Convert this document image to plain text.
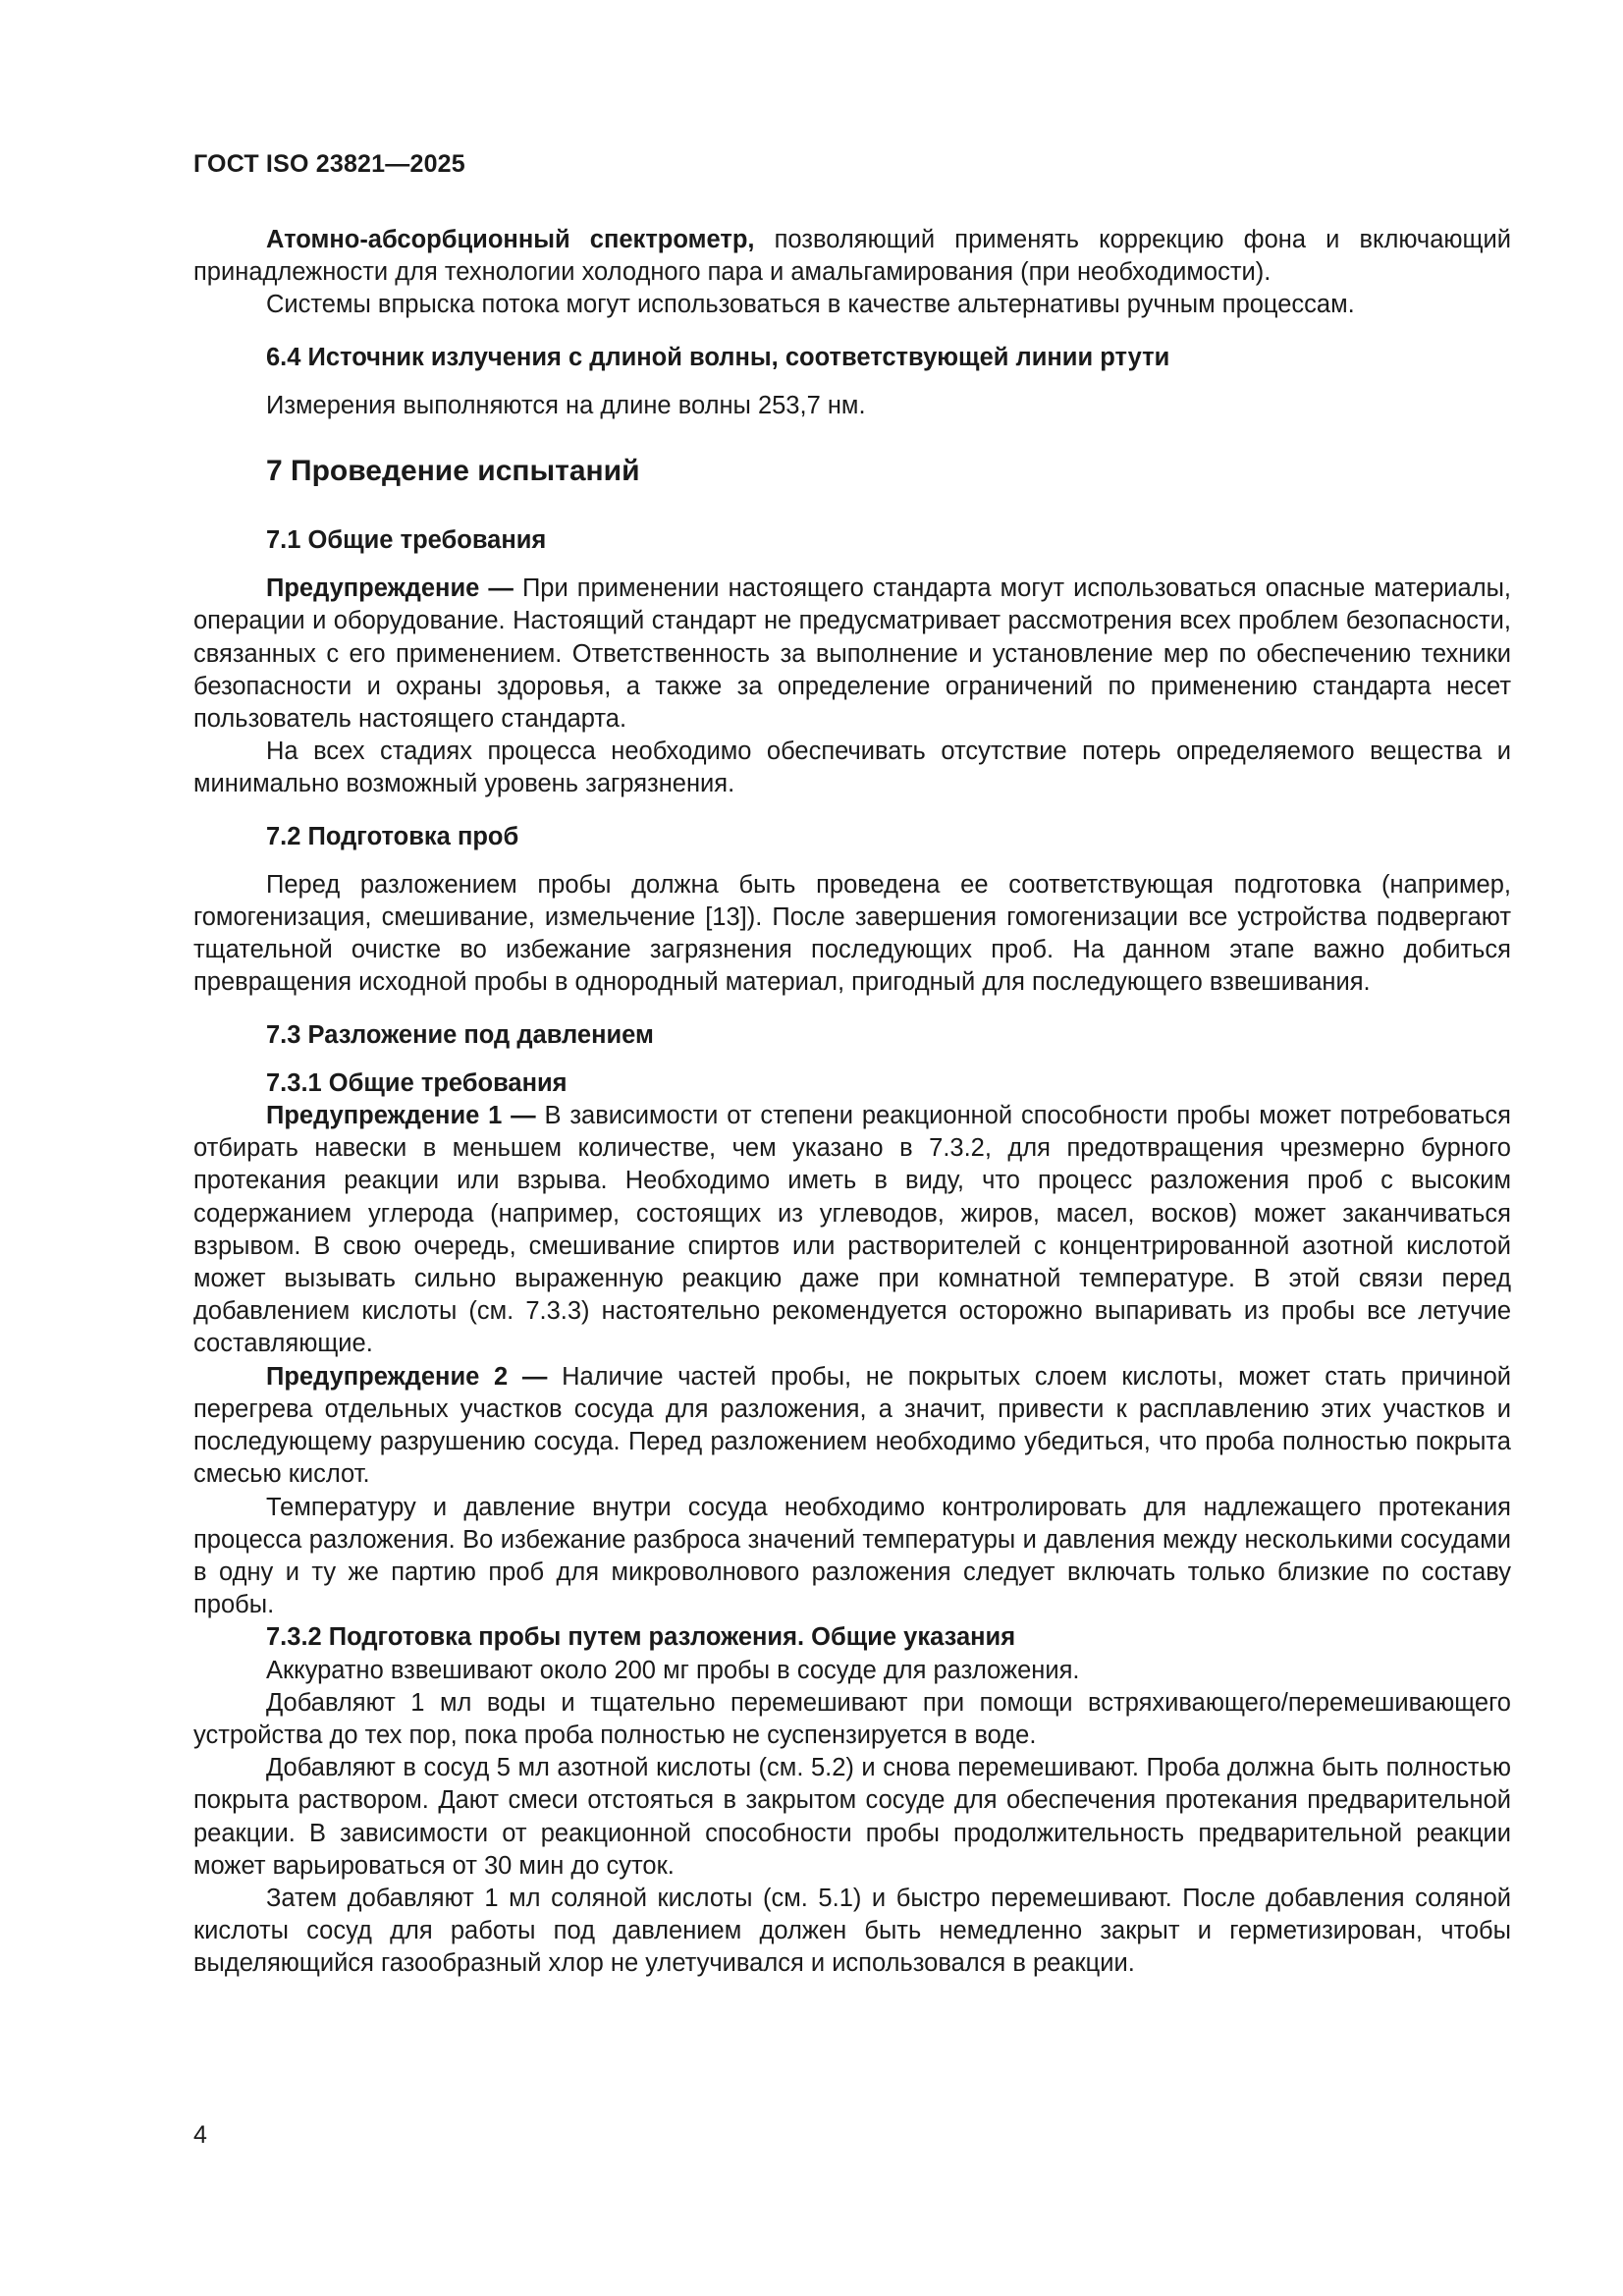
ГОСТ ISO 23821—2025

Атомно-абсорбционный спектрометр, позволяющий применять коррекцию фона и включающий принадлежности для технологии холодного пара и амальгамирования (при необходимости).

Системы впрыска потока могут использоваться в качестве альтернативы ручным процессам.

6.4 Источник излучения с длиной волны, соответствующей линии ртути

Измерения выполняются на длине волны 253,7 нм.

7 Проведение испытаний
7.1 Общие требования

Предупреждение — При применении настоящего стандарта могут использоваться опасные материалы, операции и оборудование. Настоящий стандарт не предусматривает рассмотрения всех проблем безопасности, связанных с его применением. Ответственность за выполнение и установление мер по обеспечению техники безопасности и охраны здоровья, а также за определение ограничений по применению стандарта несет пользователь настоящего стандарта.

На всех стадиях процесса необходимо обеспечивать отсутствие потерь определяемого вещества и минимально возможный уровень загрязнения.

7.2 Подготовка проб

Перед разложением пробы должна быть проведена ее соответствующая подготовка (например, гомогенизация, смешивание, измельчение [13]). После завершения гомогенизации все устройства подвергают тщательной очистке во избежание загрязнения последующих проб. На данном этапе важно добиться превращения исходной пробы в однородный материал, пригодный для последующего взвешивания.

7.3 Разложение под давлением
7.3.1 Общие требования

Предупреждение 1 — В зависимости от степени реакционной способности пробы может потребоваться отбирать навески в меньшем количестве, чем указано в 7.3.2, для предотвращения чрезмерно бурного протекания реакции или взрыва. Необходимо иметь в виду, что процесс разложения проб с высоким содержанием углерода (например, состоящих из углеводов, жиров, масел, восков) может заканчиваться взрывом. В свою очередь, смешивание спиртов или растворителей с концентрированной азотной кислотой может вызывать сильно выраженную реакцию даже при комнатной температуре. В этой связи перед добавлением кислоты (см. 7.3.3) настоятельно рекомендуется осторожно выпаривать из пробы все летучие составляющие.

Предупреждение 2 — Наличие частей пробы, не покрытых слоем кислоты, может стать причиной перегрева отдельных участков сосуда для разложения, а значит, привести к расплавлению этих участков и последующему разрушению сосуда. Перед разложением необходимо убедиться, что проба полностью покрыта смесью кислот.

Температуру и давление внутри сосуда необходимо контролировать для надлежащего протекания процесса разложения. Во избежание разброса значений температуры и давления между несколькими сосудами в одну и ту же партию проб для микроволнового разложения следует включать только близкие по составу пробы.

7.3.2 Подготовка пробы путем разложения. Общие указания

Аккуратно взвешивают около 200 мг пробы в сосуде для разложения.

Добавляют 1 мл воды и тщательно перемешивают при помощи встряхивающего/перемешивающего устройства до тех пор, пока проба полностью не суспензируется в воде.

Добавляют в сосуд 5 мл азотной кислоты (см. 5.2) и снова перемешивают. Проба должна быть полностью покрыта раствором. Дают смеси отстояться в закрытом сосуде для обеспечения протекания предварительной реакции. В зависимости от реакционной способности пробы продолжительность предварительной реакции может варьироваться от 30 мин до суток.

Затем добавляют 1 мл соляной кислоты (см. 5.1) и быстро перемешивают. После добавления соляной кислоты сосуд для работы под давлением должен быть немедленно закрыт и герметизирован, чтобы выделяющийся газообразный хлор не улетучивался и использовался в реакции.

4
